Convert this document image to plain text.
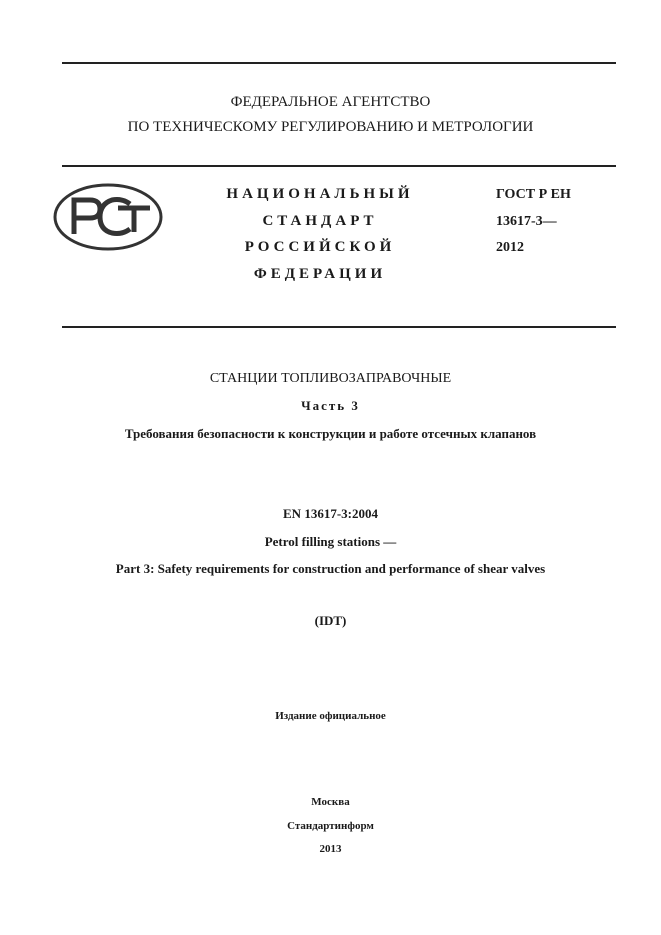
ФЕДЕРАЛЬНОЕ АГЕНТСТВО
ПО ТЕХНИЧЕСКОМУ РЕГУЛИРОВАНИЮ И МЕТРОЛОГИИ
РСТ
НАЦИОНАЛЬНЫЙ
СТАНДАРТ
РОССИЙСКОЙ
ФЕДЕРАЦИИ
ГОСТ Р ЕН
13617-3—
2012
СТАНЦИИ ТОПЛИВОЗАПРАВОЧНЫЕ
Часть 3
Требования безопасности к конструкции и работе отсечных клапанов
EN 13617-3:2004
Petrol filling stations —
Part 3: Safety requirements for construction and performance of shear valves
(IDT)
Издание официальное
Москва
Стандартинформ
2013
